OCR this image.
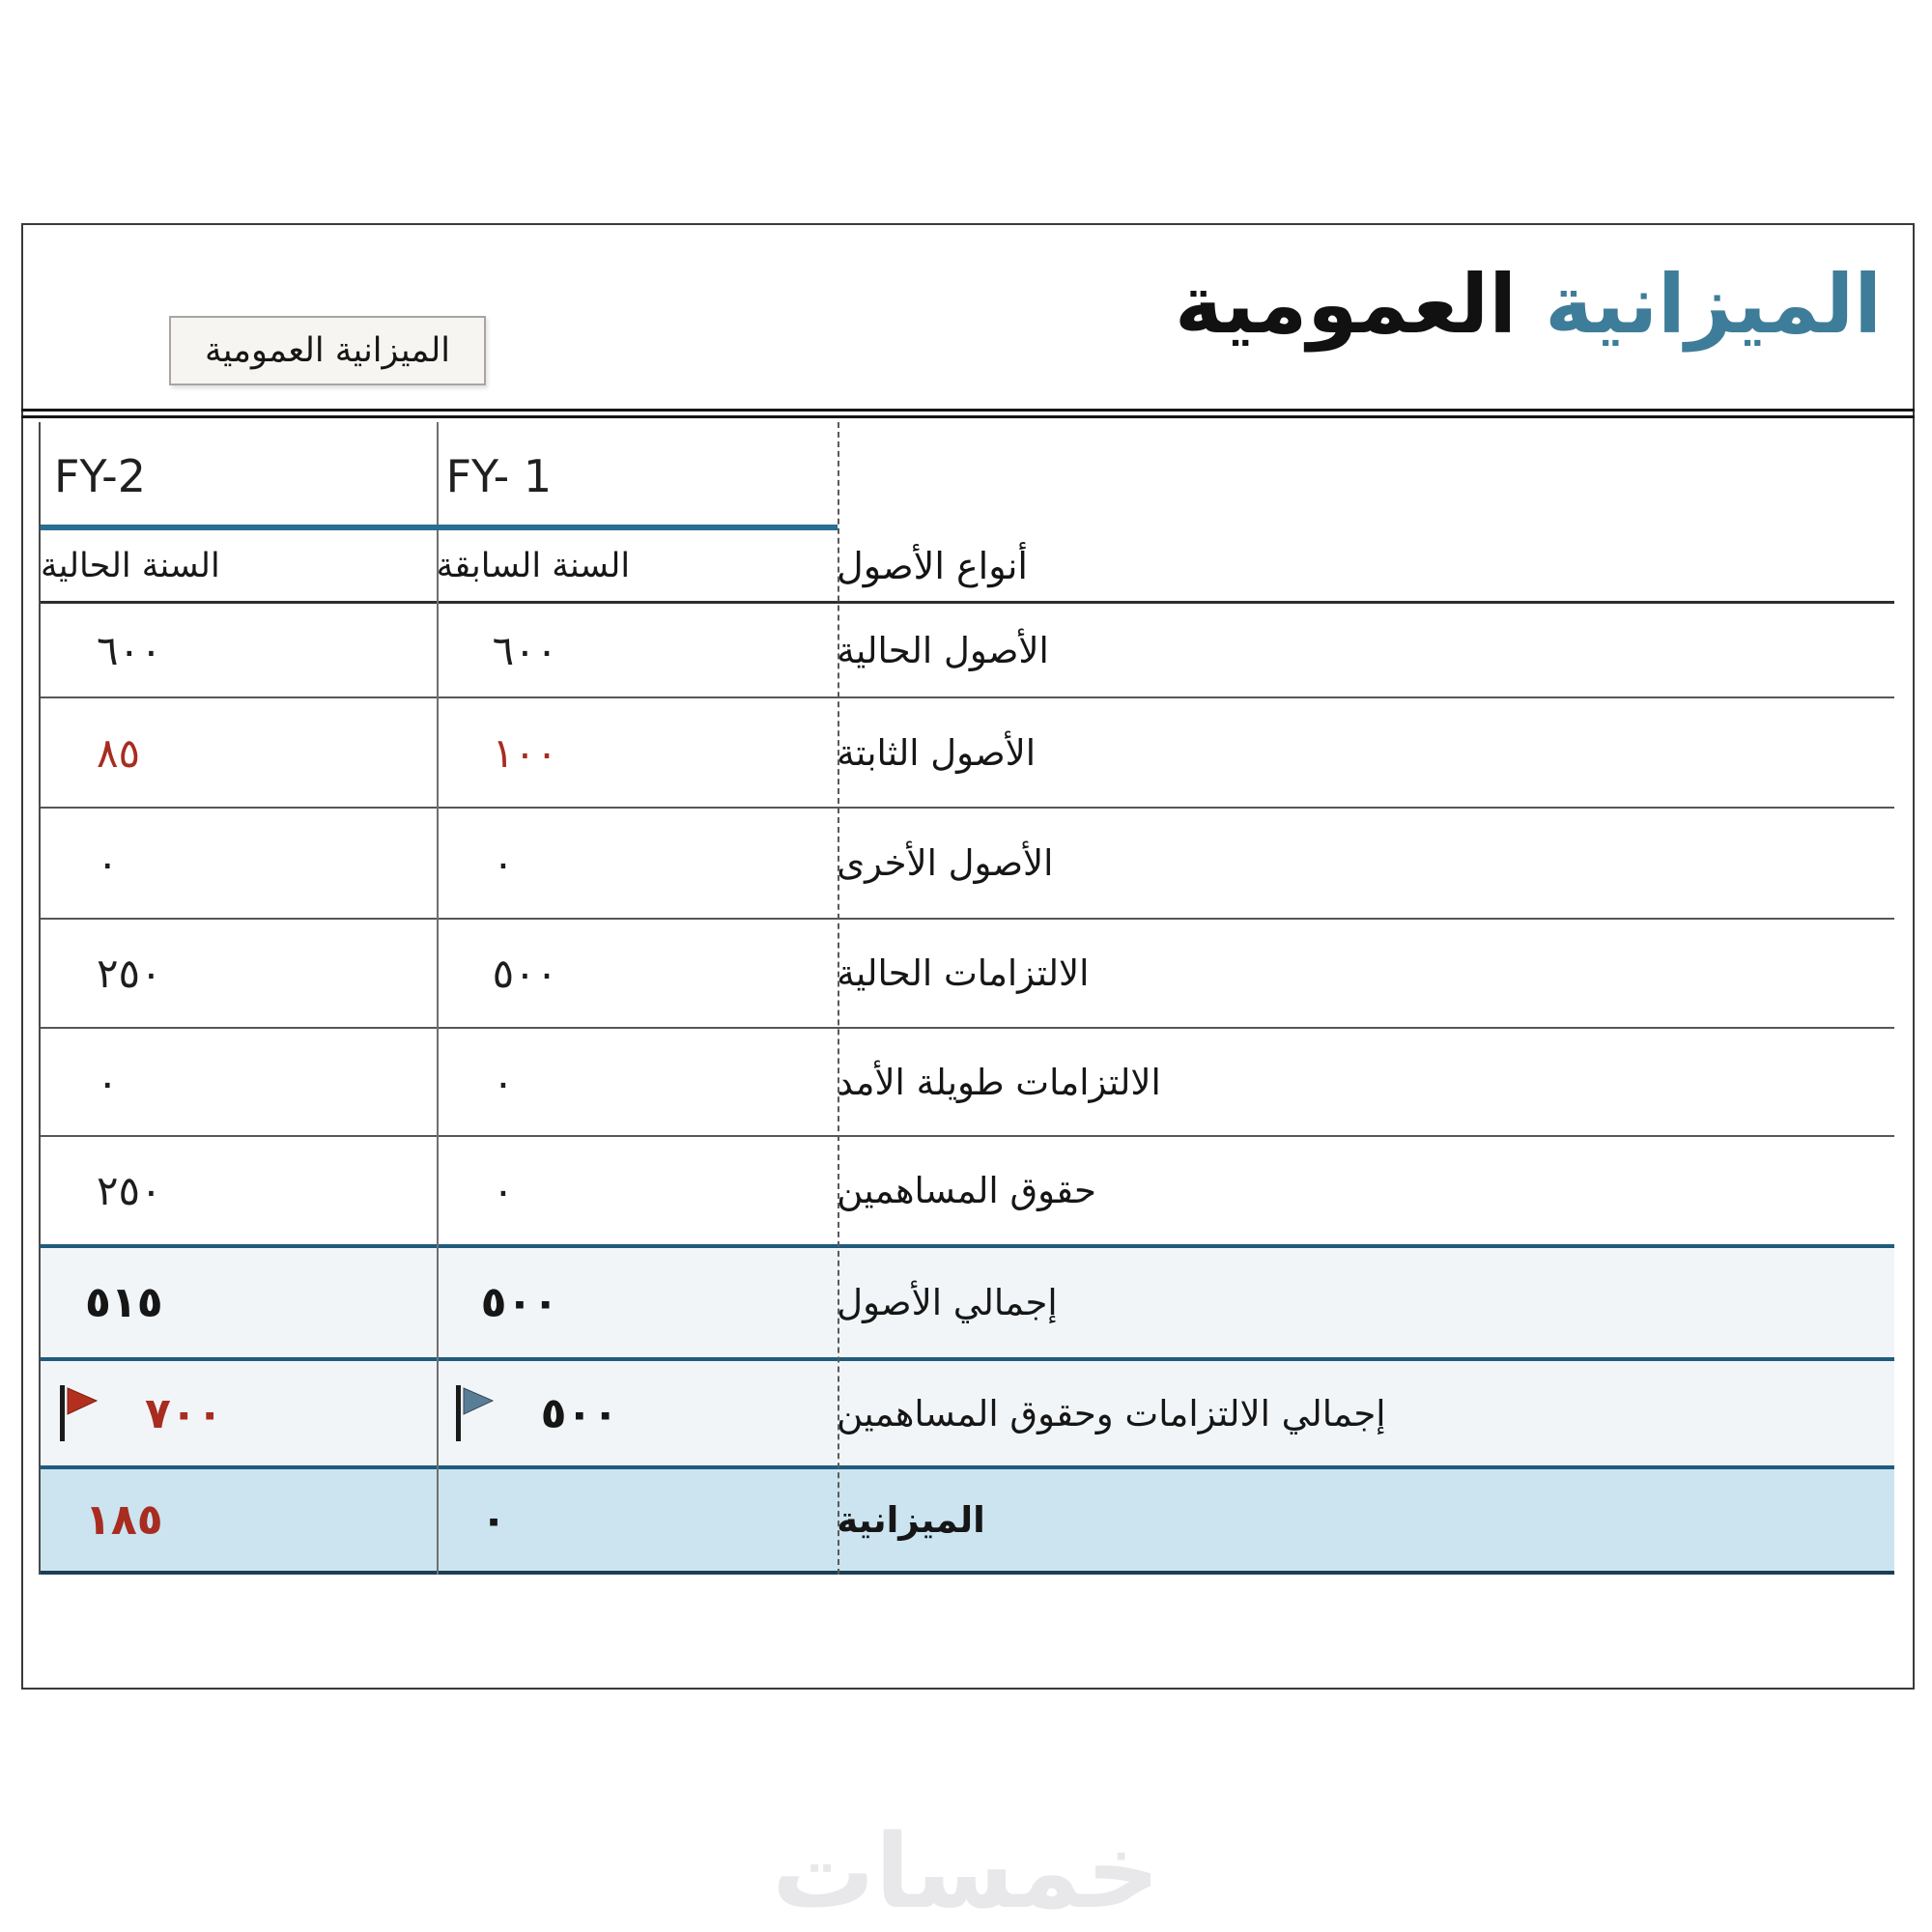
الميزانية العمومية
الميزانية العمومية
FY-2	FY- 1
السنة الحالية	السنة السابقة	أنواع الأصول
٦٠٠	٦٠٠	الأصول الحالية
٨٥	١٠٠	الأصول الثابتة
٠	٠	الأصول الأخرى
٢٥٠	٥٠٠	الالتزامات الحالية
٠	٠	الالتزامات طويلة الأمد
٢٥٠	٠	حقوق المساهمين
٥١٥	٥٠٠	إجمالي الأصول
٧٠٠	٥٠٠	إجمالي الالتزامات وحقوق المساهمين
١٨٥	٠	الميزانية
خمسات
